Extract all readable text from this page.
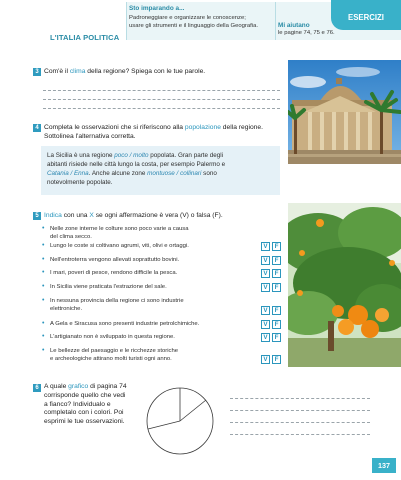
L'ITALIA POLITICA
Sto imparando a...
Padroneggiare e organizzare le conoscenze;
usare gli strumenti e il linguaggio della Geografia.	Mi aiutano
le pagine 74, 75 e 76.
ESERCIZI
3 Com'è il clima della regione? Spiega con le tue parole.
4 Completa le osservazioni che si riferiscono alla popolazione della regione.
Sottolinea l'alternativa corretta.
La Sicilia è una regione poco / molto popolata. Gran parte degli
abitanti risiede nelle città lungo la costa, per esempio Palermo e
Catania / Enna. Anche alcune zone montuose / collinari sono
notevolmente popolate.
5 Indica con una X se ogni affermazione è vera (V) o falsa (F).
• Nelle zone interne le colture sono poco varie a causa
del clima secco.
• Lungo le coste si coltivano agrumi, viti, olivi e ortaggi.	V	F
• Nell'entroterra vengono allevati soprattutto bovini.	V	F
• I mari, poveri di pesce, rendono difficile la pesca.	V	F
• In Sicilia viene praticata l'estrazione del sale.	V	F
• In nessuna provincia della regione ci sono industrie
elettroniche.	V	F
• A Gela e Siracusa sono presenti industrie petrolchimiche.	V	F
• L'artigianato non è sviluppato in questa regione.	V	F
• Le bellezze del paesaggio e le ricchezze storiche
e archeologiche attirano molti turisti ogni anno.	V	F
6 A quale grafico di pagina 74
corrisponde quello che vedi
a fianco? Individualo e
completalo con i colori. Poi
esprimi le tue osservazioni.
137
